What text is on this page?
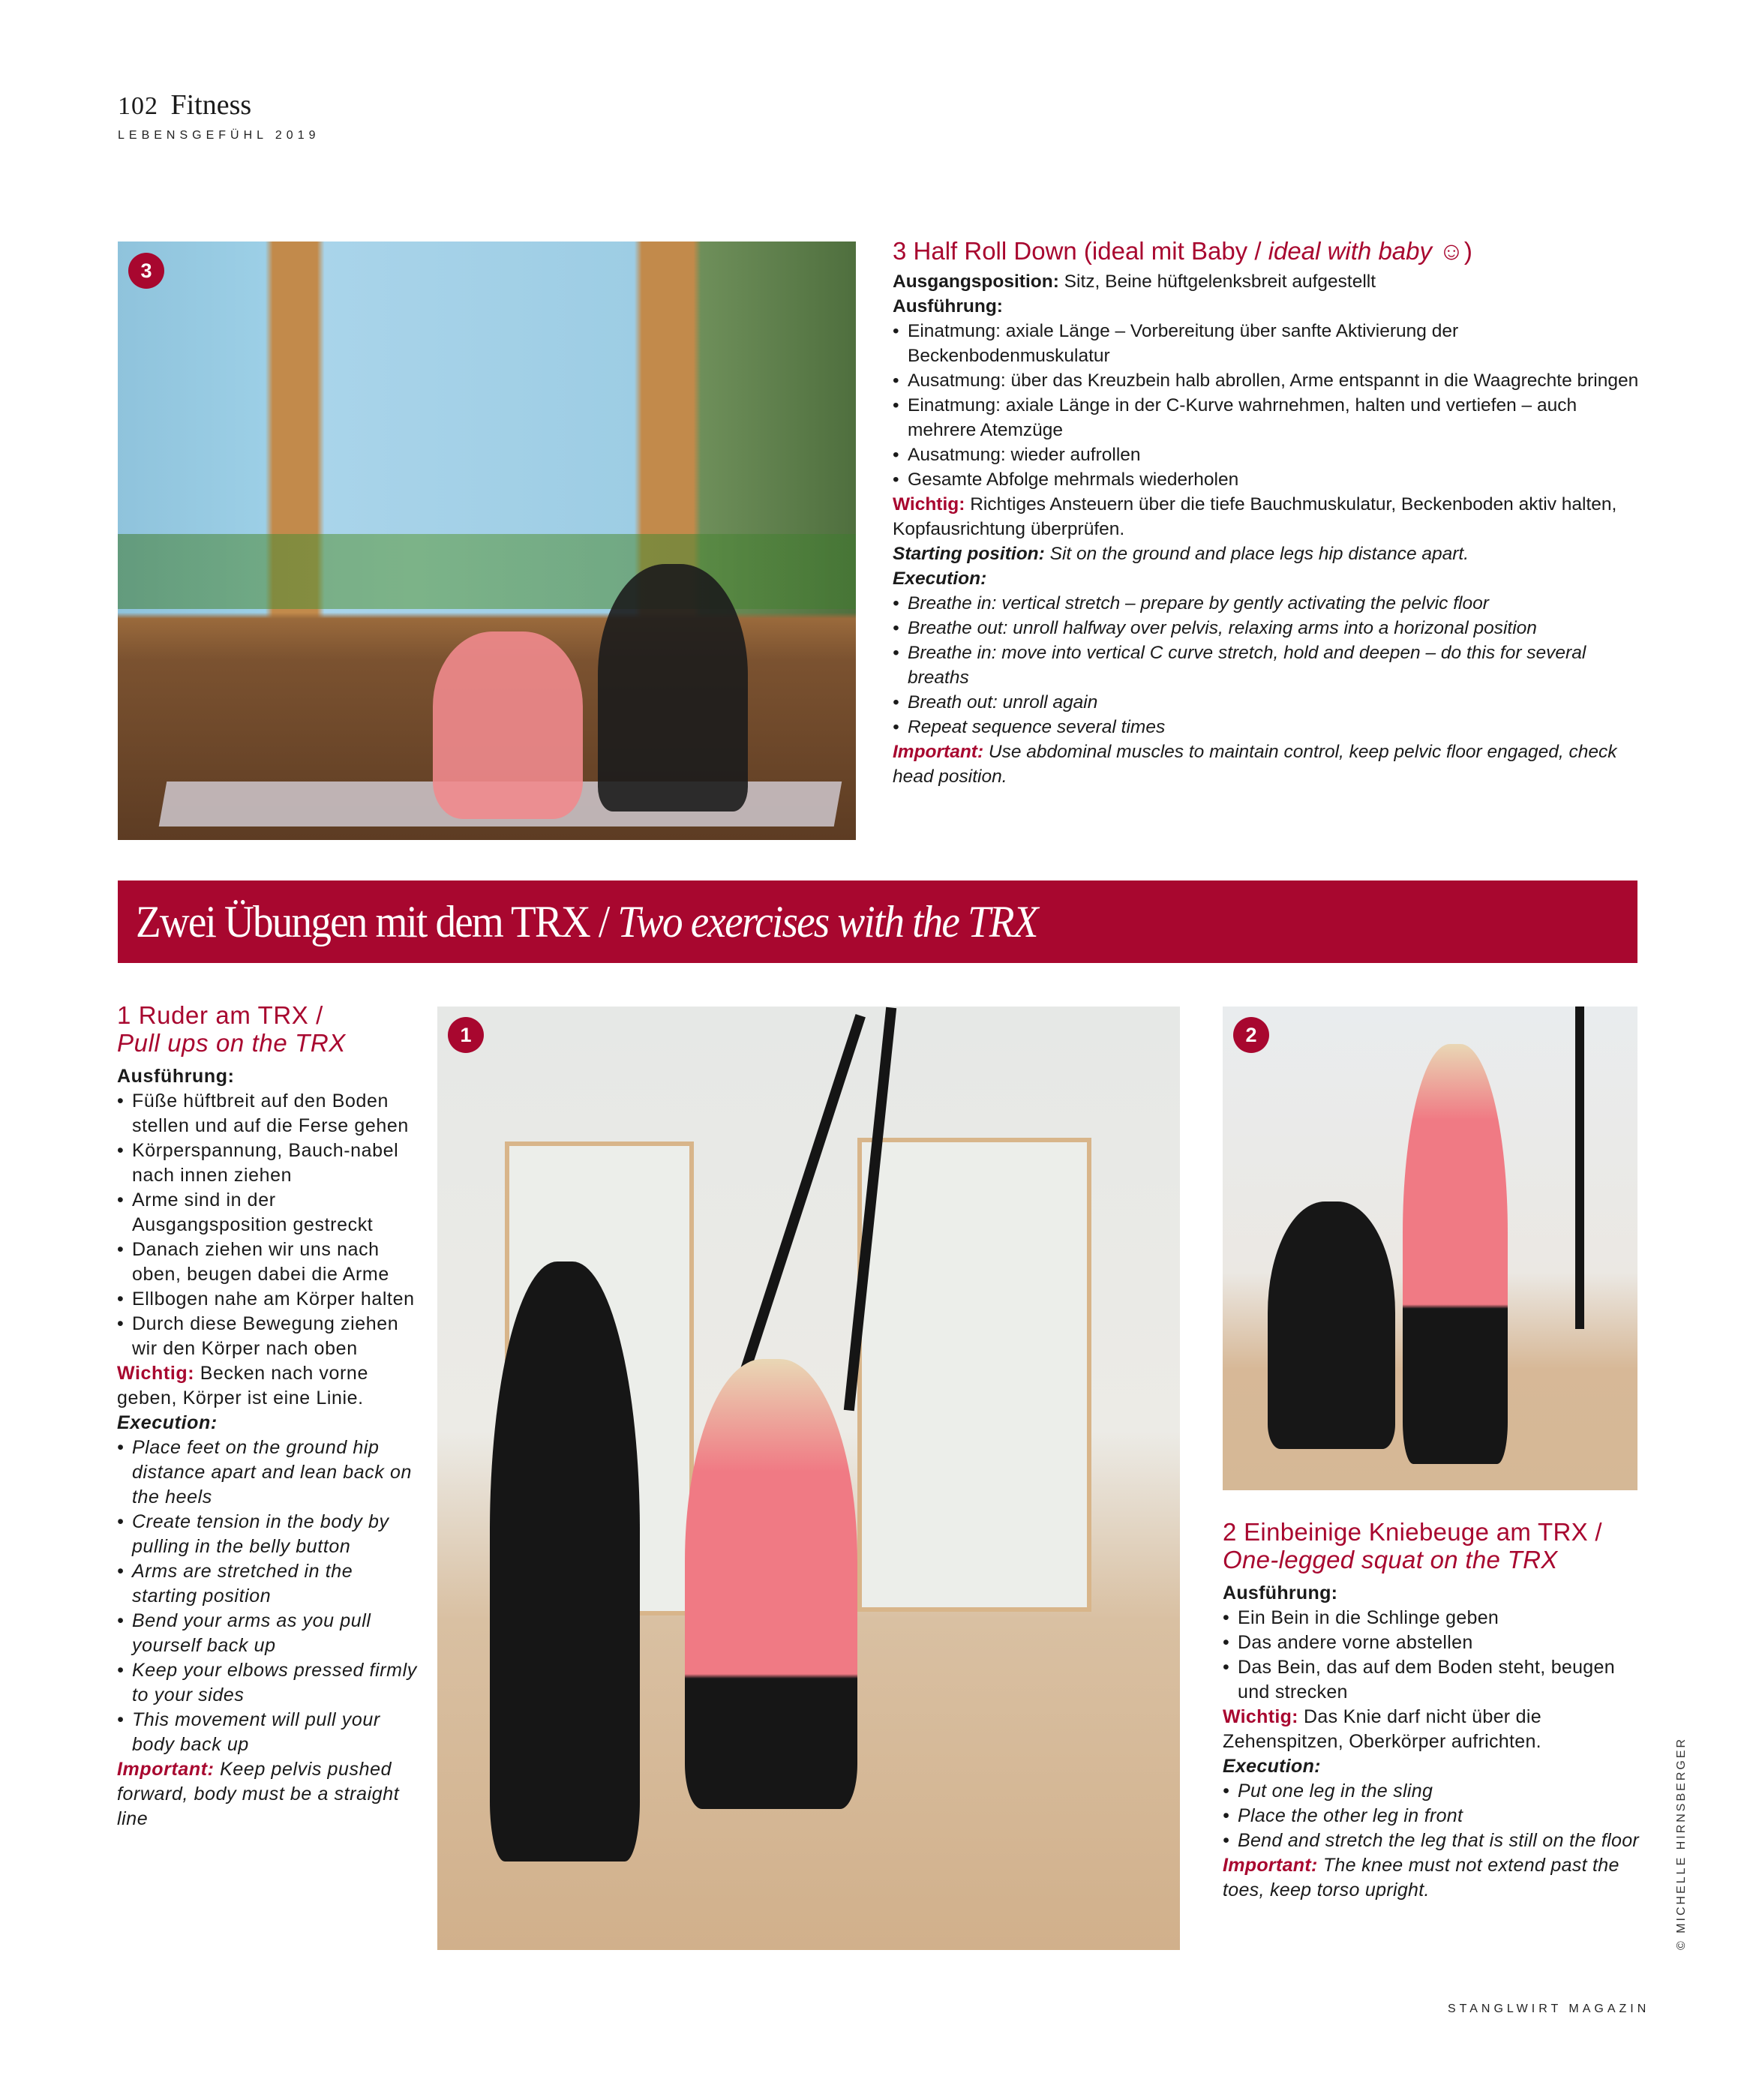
102 Fitness
LEBENSGEFÜHL 2019
3

3 Half Roll Down (ideal mit Baby / ideal with baby ☺)

Ausgangsposition: Sitz, Beine hüftgelenksbreit aufgestellt

Ausführung:

• Einatmung: axiale Länge – Vorbereitung über sanfte Aktivierung der Beckenbodenmuskulatur
• Ausatmung: über das Kreuzbein halb abrollen, Arme entspannt in die Waagrechte bringen
• Einatmung: axiale Länge in der C-Kurve wahrnehmen, halten und vertiefen – auch mehrere Atemzüge
• Ausatmung: wieder aufrollen
• Gesamte Abfolge mehrmals wiederholen

Wichtig: Richtiges Ansteuern über die tiefe Bauchmuskulatur, Beckenboden aktiv halten, Kopfausrichtung überprüfen.

Starting position: Sit on the ground and place legs hip distance apart.

Execution:

• Breathe in: vertical stretch – prepare by gently activating the pelvic floor
• Breathe out: unroll halfway over pelvis, relaxing arms into a horizonal position
• Breathe in: move into vertical C curve stretch, hold and deepen – do this for several breaths
• Breath out: unroll again
• Repeat sequence several times

Important: Use abdominal muscles to maintain control, keep pelvic floor engaged, check head position.

Zwei Übungen mit dem TRX / Two exercises with the TRX

1 Ruder am TRX /
Pull ups on the TRX

Ausführung:

• Füße hüftbreit auf den Boden stellen und auf die Ferse gehen
• Körperspannung, Bauch-nabel nach innen ziehen
• Arme sind in der Ausgangsposition gestreckt
• Danach ziehen wir uns nach oben, beugen dabei die Arme
• Ellbogen nahe am Körper halten
• Durch diese Bewegung ziehen wir den Körper nach oben

Wichtig: Becken nach vorne geben, Körper ist eine Linie.

Execution:

• Place feet on the ground hip distance apart and lean back on the heels
• Create tension in the body by pulling in the belly button
• Arms are stretched in the starting position
• Bend your arms as you pull yourself back up
• Keep your elbows pressed firmly to your sides
• This movement will pull your body back up

Important: Keep pelvis pushed forward, body must be a straight line

1	2

2 Einbeinige Kniebeuge am TRX / One-legged squat on the TRX

Ausführung:

• Ein Bein in die Schlinge geben
• Das andere vorne abstellen
• Das Bein, das auf dem Boden steht, beugen und strecken

Wichtig: Das Knie darf nicht über die Zehenspitzen, Oberkörper aufrichten.

Execution:

• Put one leg in the sling
• Place the other leg in front
• Bend and stretch the leg that is still on the floor

Important: The knee must not extend past the toes, keep torso upright.	© MICHELLE HIRNSBERGER
STANGLWIRT MAGAZIN
